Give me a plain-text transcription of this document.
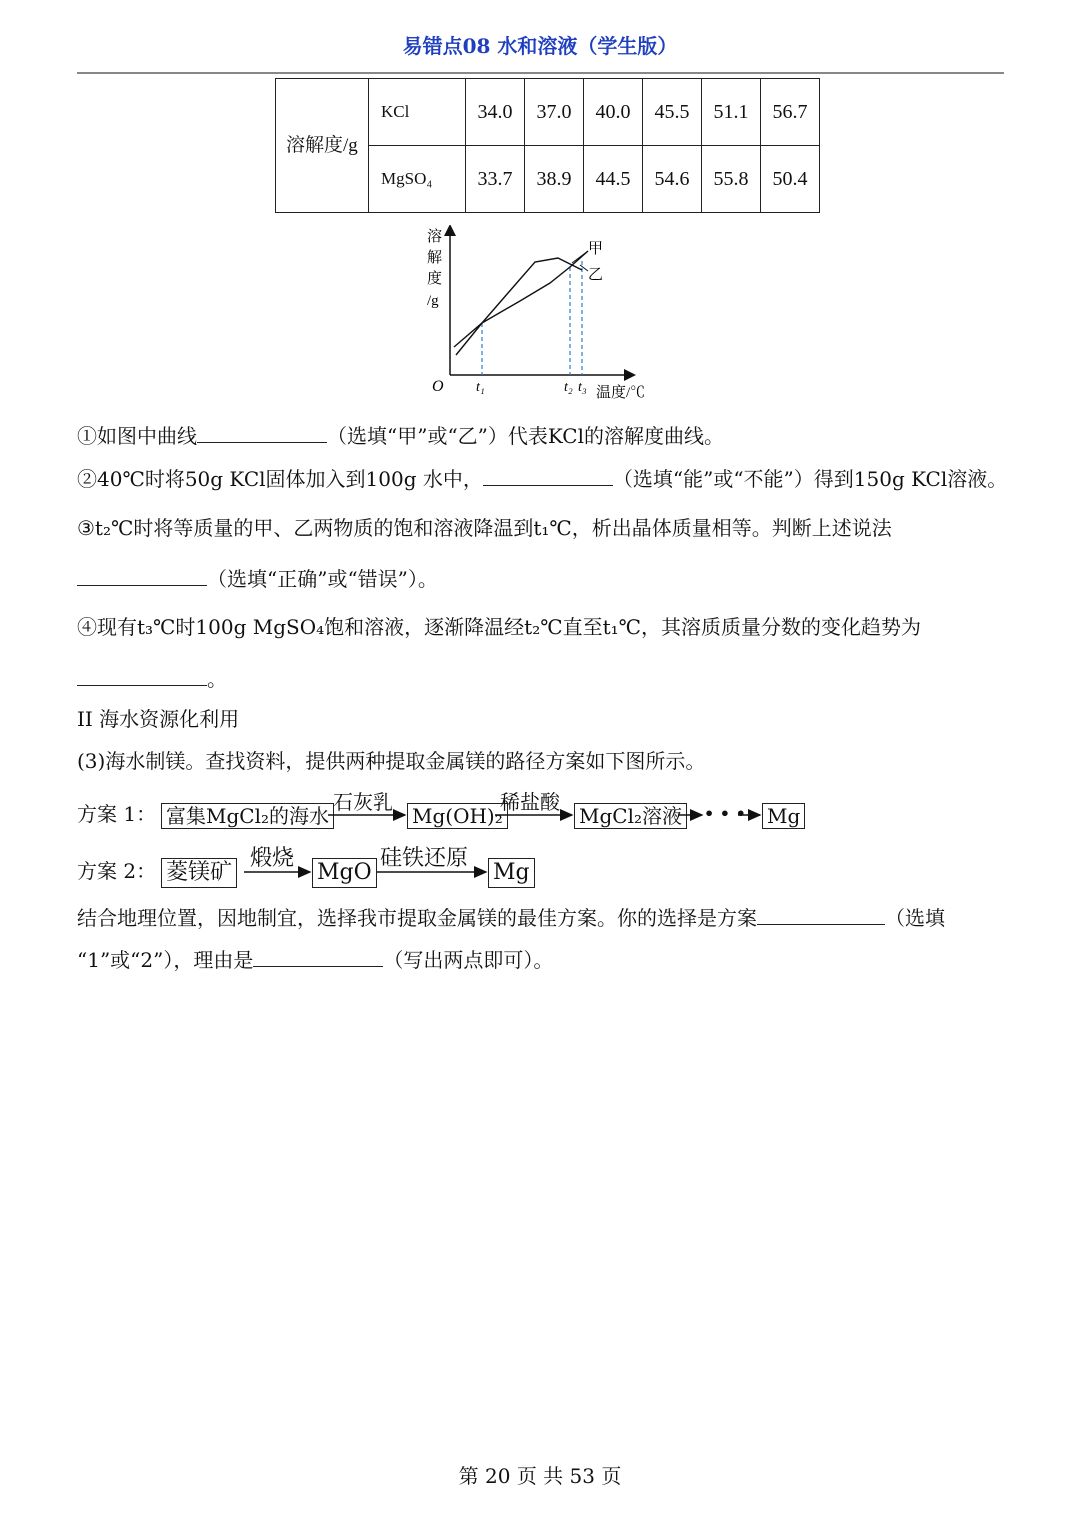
易错点08 水和溶液（学生版）
溶解度/g	KCl	34.0	37.0	40.0	45.5	51.1	56.7
	MgSO₄	33.7	38.9	44.5	54.6	55.8	50.4
溶
解
度
/g
O t₁	t₂ t₃ 温度/℃
甲
乙
①如图中曲线	（选填“甲”或“乙”）代表KCl的溶解度曲线。
②40℃时将50g KCl固体加入到100g 水中，	（选填“能”或“不能”）得到150g KCl溶液。
③t₂℃时将等质量的甲、乙两物质的饱和溶液降温到t₁℃，析出晶体质量相等。判断上述说法
（选填“正确”或“错误”）。
④现有t₃℃时100g MgSO₄饱和溶液，逐渐降温经t₂℃直至t₁℃，其溶质质量分数的变化趋势为
。
II 海水资源化利用
(3)海水制镁。查找资料，提供两种提取金属镁的路径方案如下图所示。
方案 1： 富集MgCl₂的海水
石灰乳
Mg(OH)₂
稀盐酸
MgCl₂溶液	• • • Mg
方案 2： 菱镁矿
煅烧
MgO
硅铁还原
Mg
结合地理位置，因地制宜，选择我市提取金属镁的最佳方案。你的选择是方案	（选填
“1”或“2”），理由是	（写出两点即可）。
第 20 页 共 53 页
